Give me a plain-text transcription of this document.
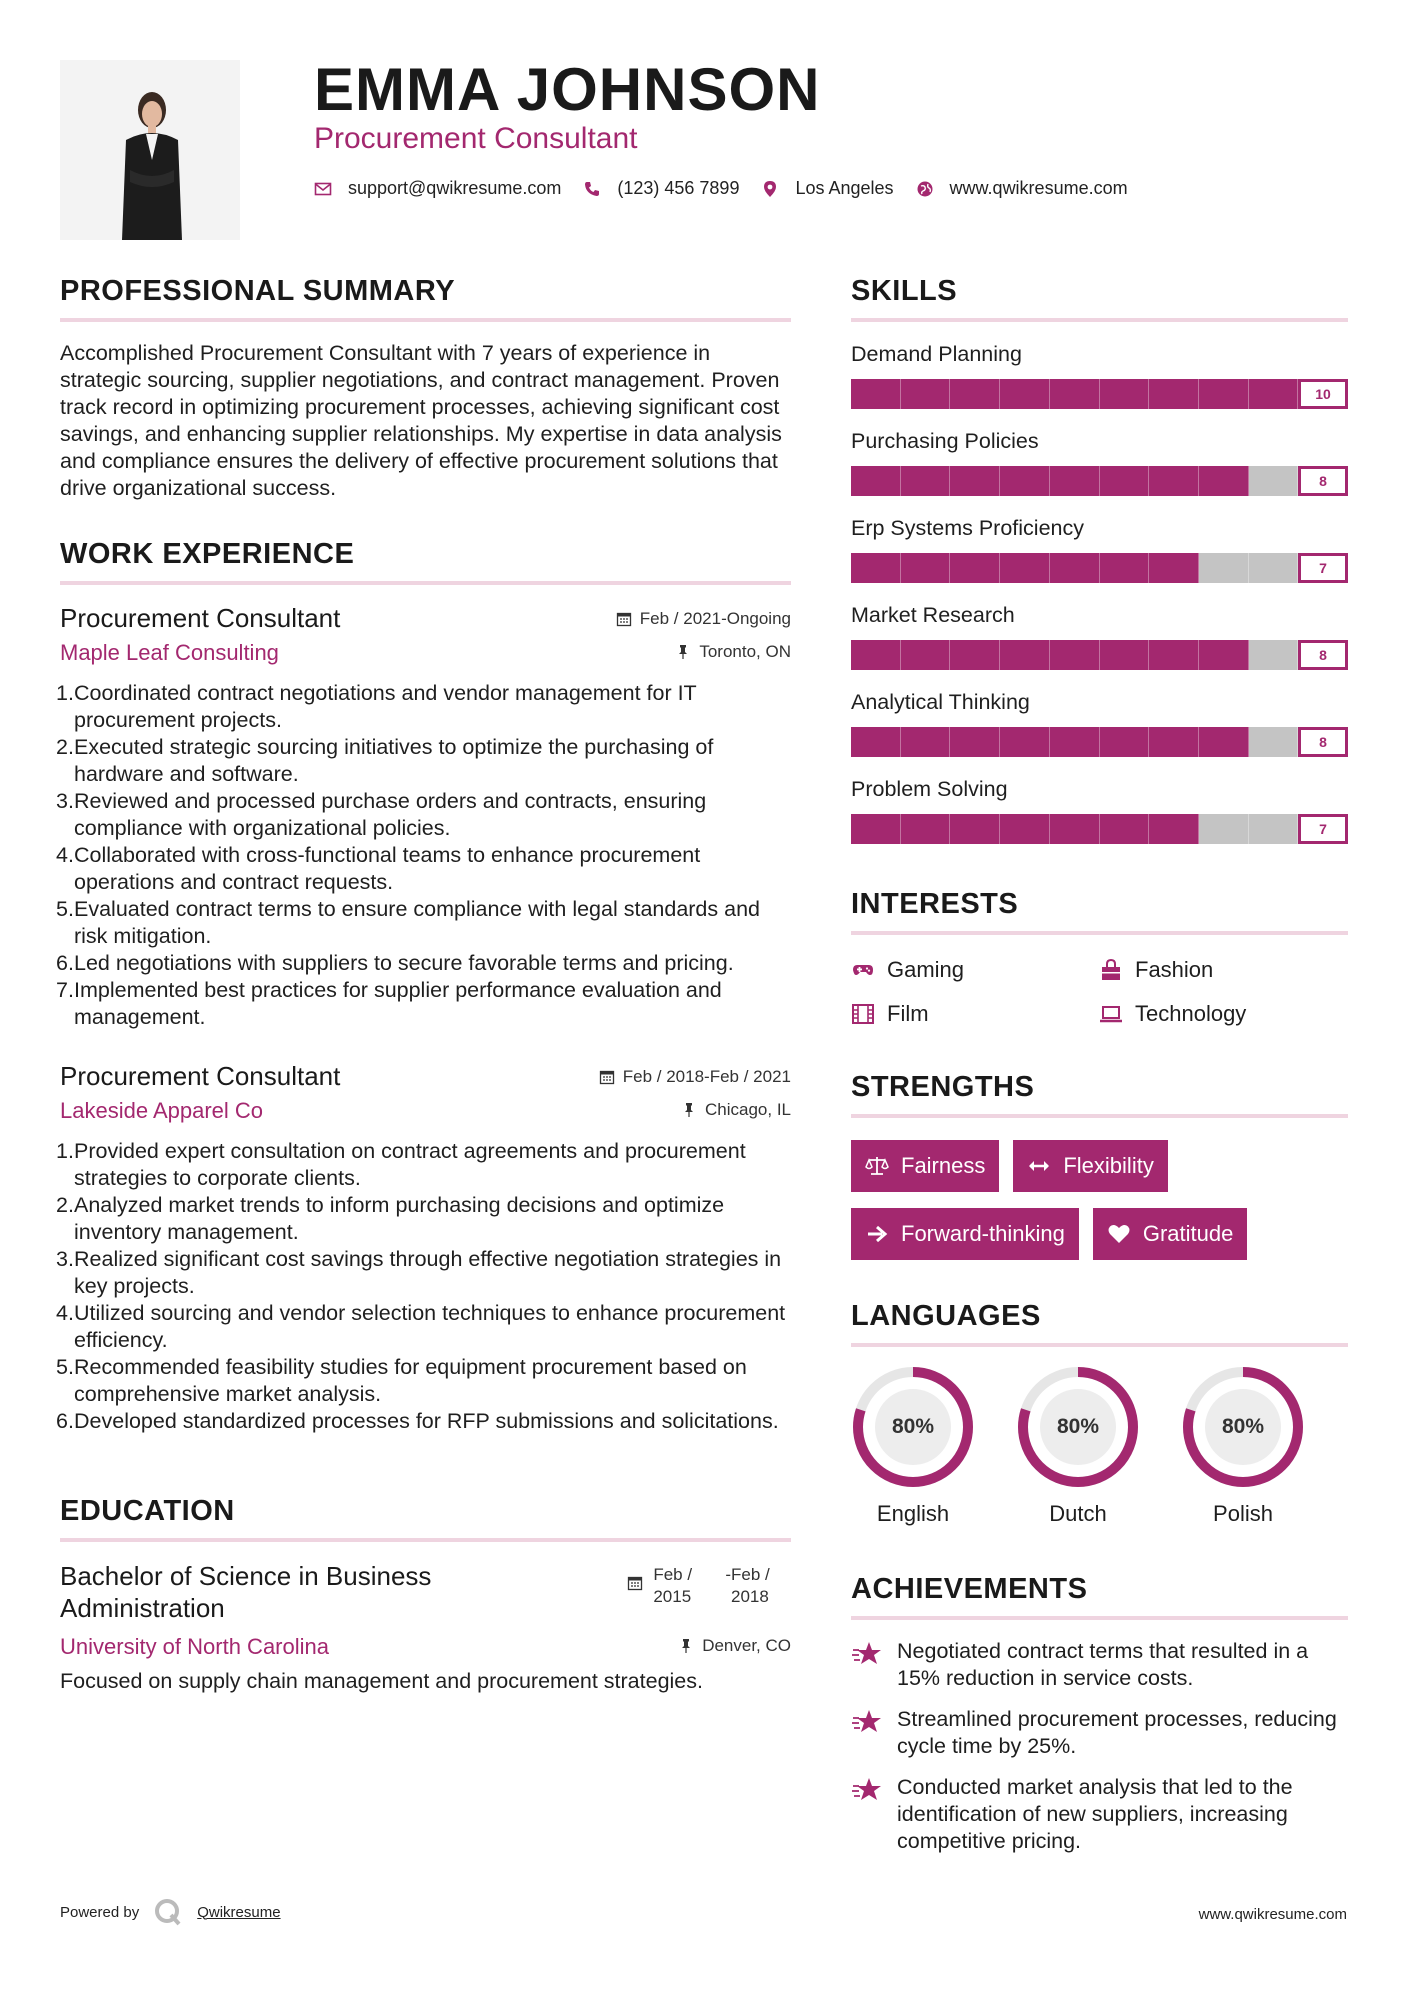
EMMA JOHNSON
Procurement Consultant
support@qwikresume.com	(123) 456 7899	Los Angeles	www.qwikresume.com
PROFESSIONAL SUMMARY

Accomplished Procurement Consultant with 7 years of experience in strategic sourcing, supplier negotiations, and contract management. Proven track record in optimizing procurement processes, achieving significant cost savings, and enhancing supplier relationships. My expertise in data analysis and compliance ensures the delivery of effective procurement solutions that drive organizational success.

WORK EXPERIENCE
Procurement Consultant	Feb / 2021-Ongoing
Maple Leaf Consulting	Toronto, ON
1. Coordinated contract negotiations and vendor management for IT procurement projects.
2. Executed strategic sourcing initiatives to optimize the purchasing of hardware and software.
3. Reviewed and processed purchase orders and contracts, ensuring compliance with organizational policies.
4. Collaborated with cross-functional teams to enhance procurement operations and contract requests.
5. Evaluated contract terms to ensure compliance with legal standards and risk mitigation.
6. Led negotiations with suppliers to secure favorable terms and pricing.
7. Implemented best practices for supplier performance evaluation and management.
Procurement Consultant	Feb / 2018-Feb / 2021
Lakeside Apparel Co	Chicago, IL
1. Provided expert consultation on contract agreements and procurement strategies to corporate clients.
2. Analyzed market trends to inform purchasing decisions and optimize inventory management.
3. Realized significant cost savings through effective negotiation strategies in key projects.
4. Utilized sourcing and vendor selection techniques to enhance procurement efficiency.
5. Recommended feasibility studies for equipment procurement based on comprehensive market analysis.
6. Developed standardized processes for RFP submissions and solicitations.
EDUCATION
Bachelor of Science in Business Administration
Feb / 2015
- Feb / 2018
University of North Carolina	Denver, CO

Focused on supply chain management and procurement strategies.

SKILLS
Demand Planning
10
Purchasing Policies
8
Erp Systems Proficiency
7
Market Research
8
Analytical Thinking
8
Problem Solving
7
INTERESTS
Gaming	Fashion
Film	Technology
STRENGTHS
Fairness	Flexibility
Forward-thinking	Gratitude
LANGUAGES
80%
English
80%
Dutch
80%
Polish
ACHIEVEMENTS
Negotiated contract terms that resulted in a 15% reduction in service costs.
Streamlined procurement processes, reducing cycle time by 25%.
Conducted market analysis that led to the identification of new suppliers, increasing competitive pricing.
Powered by	Qwikresume	www.qwikresume.com
